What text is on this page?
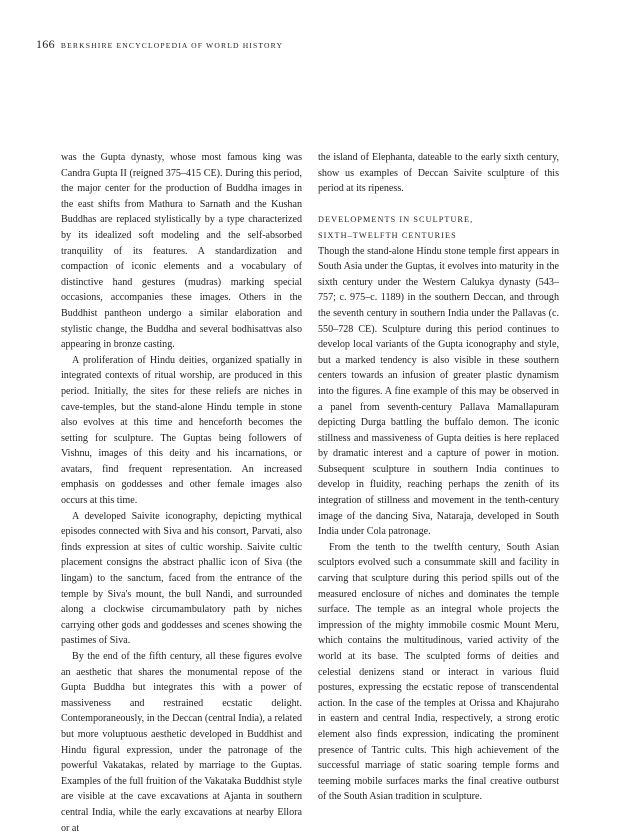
166 BERKSHIRE ENCYCLOPEDIA OF WORLD HISTORY

was the Gupta dynasty, whose most famous king was Candra Gupta II (reigned 375–415 CE). During this period, the major center for the production of Buddha images in the east shifts from Mathura to Sarnath and the Kushan Buddhas are replaced stylistically by a type characterized by its idealized soft modeling and the self-absorbed tranquility of its features. A standardization and compaction of iconic elements and a vocabulary of distinctive hand gestures (mudras) marking special occasions, accompanies these images. Others in the Buddhist pantheon undergo a similar elaboration and stylistic change, the Buddha and several bodhisattvas also appearing in bronze casting.

A proliferation of Hindu deities, organized spatially in integrated contexts of ritual worship, are produced in this period. Initially, the sites for these reliefs are niches in cave-temples, but the stand-alone Hindu temple in stone also evolves at this time and henceforth becomes the setting for sculpture. The Guptas being followers of Vishnu, images of this deity and his incarnations, or avatars, find frequent representation. An increased emphasis on goddesses and other female images also occurs at this time.

A developed Saivite iconography, depicting mythical episodes connected with Siva and his consort, Parvati, also finds expression at sites of cultic worship. Saivite cultic placement consigns the abstract phallic icon of Siva (the lingam) to the sanctum, faced from the entrance of the temple by Siva's mount, the bull Nandi, and surrounded along a clockwise circumambulatory path by niches carrying other gods and goddesses and scenes showing the pastimes of Siva.

By the end of the fifth century, all these figures evolve an aesthetic that shares the monumental repose of the Gupta Buddha but integrates this with a power of massiveness and restrained ecstatic delight. Contemporaneously, in the Deccan (central India), a related but more voluptuous aesthetic developed in Buddhist and Hindu figural expression, under the patronage of the powerful Vakatakas, related by marriage to the Guptas. Examples of the full fruition of the Vakataka Buddhist style are visible at the cave excavations at Ajanta in southern central India, while the early excavations at nearby Ellora or at

the island of Elephanta, dateable to the early sixth century, show us examples of Deccan Saivite sculpture of this period at its ripeness.

DEVELOPMENTS IN SCULPTURE,
SIXTH–TWELFTH CENTURIES

Though the stand-alone Hindu stone temple first appears in South Asia under the Guptas, it evolves into maturity in the sixth century under the Western Calukya dynasty (543–757; c. 975–c. 1189) in the southern Deccan, and through the seventh century in southern India under the Pallavas (c. 550–728 CE). Sculpture during this period continues to develop local variants of the Gupta iconography and style, but a marked tendency is also visible in these southern centers towards an infusion of greater plastic dynamism into the figures. A fine example of this may be observed in a panel from seventh-century Pallava Mamallapuram depicting Durga battling the buffalo demon. The iconic stillness and massiveness of Gupta deities is here replaced by dramatic interest and a capture of power in motion. Subsequent sculpture in southern India continues to develop in fluidity, reaching perhaps the zenith of its integration of stillness and movement in the tenth-century image of the dancing Siva, Nataraja, developed in South India under Cola patronage.

From the tenth to the twelfth century, South Asian sculptors evolved such a consummate skill and facility in carving that sculpture during this period spills out of the measured enclosure of niches and dominates the temple surface. The temple as an integral whole projects the impression of the mighty immobile cosmic Mount Meru, which contains the multitudinous, varied activity of the world at its base. The sculpted forms of deities and celestial denizens stand or interact in various fluid postures, expressing the ecstatic repose of transcendental action. In the case of the temples at Orissa and Khajuraho in eastern and central India, respectively, a strong erotic element also finds expression, indicating the prominent presence of Tantric cults. This high achievement of the successful marriage of static soaring temple forms and teeming mobile surfaces marks the final creative outburst of the South Asian tradition in sculpture.
